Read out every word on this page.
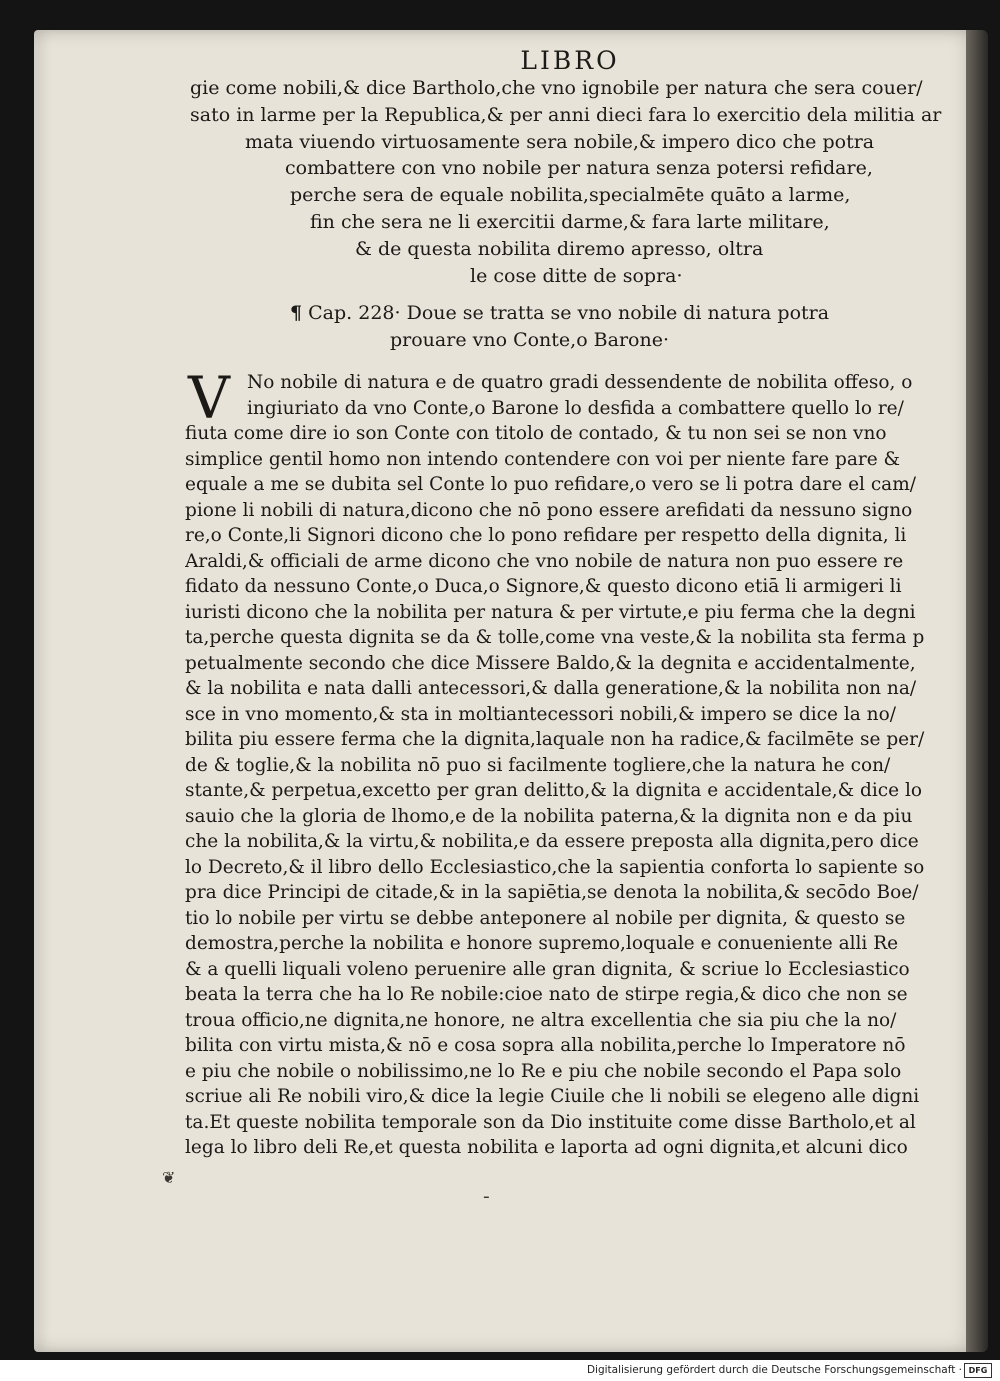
LIBRO
gie come nobili,& dice Bartholo,che vno ignobile per natura che sera couer/
sato in larme per la Republica,& per anni dieci fara lo exercitio dela militia ar
mata viuendo virtuosamente sera nobile,& impero dico che potra
combattere con vno nobile per natura senza potersi refidare,
perche sera de equale nobilita,specialmēte quāto a larme,
fin che sera ne li exercitii darme,& fara larte militare,
& de questa nobilita diremo apresso, oltra
le cose ditte de sopra·
¶ Cap. 228· Doue se tratta se vno nobile di natura potra
prouare vno Conte,o Barone·
V No nobile di natura e de quatro gradi dessendente de nobilita offeso, o
ingiuriato da vno Conte,o Barone lo desfida a combattere quello lo re/
fiuta come dire io son Conte con titolo de contado, & tu non sei se non vno
simplice gentil homo non intendo contendere con voi per niente fare pare &
equale a me se dubita sel Conte lo puo refidare,o vero se li potra dare el cam/
pione li nobili di natura,dicono che nō pono essere arefidati da nessuno signo
re,o Conte,li Signori dicono che lo pono refidare per respetto della dignita, li
Araldi,& officiali de arme dicono che vno nobile de natura non puo essere re
fidato da nessuno Conte,o Duca,o Signore,& questo dicono etiā li armigeri li
iuristi dicono che la nobilita per natura & per virtute,e piu ferma che la degni
ta,perche questa dignita se da & tolle,come vna veste,& la nobilita sta ferma p
petualmente secondo che dice Missere Baldo,& la degnita e accidentalmente,
& la nobilita e nata dalli antecessori,& dalla generatione,& la nobilita non na/
sce in vno momento,& sta in moltiantecessori nobili,& impero se dice la no/
bilita piu essere ferma che la dignita,laquale non ha radice,& facilmēte se per/
de & toglie,& la nobilita nō puo si facilmente togliere,che la natura he con/
stante,& perpetua,excetto per gran delitto,& la dignita e accidentale,& dice lo
sauio che la gloria de lhomo,e de la nobilita paterna,& la dignita non e da piu
che la nobilita,& la virtu,& nobilita,e da essere preposta alla dignita,pero dice
lo Decreto,& il libro dello Ecclesiastico,che la sapientia conforta lo sapiente so
pra dice Principi de citade,& in la sapiētia,se denota la nobilita,& secōdo Boe/
tio lo nobile per virtu se debbe anteponere al nobile per dignita, & questo se
demostra,perche la nobilita e honore supremo,loquale e conueniente alli Re
& a quelli liquali voleno peruenire alle gran dignita, & scriue lo Ecclesiastico
beata la terra che ha lo Re nobile:cioe nato de stirpe regia,& dico che non se
troua officio,ne dignita,ne honore, ne altra excellentia che sia piu che la no/
bilita con virtu mista,& nō e cosa sopra alla nobilita,perche lo Imperatore nō
e piu che nobile o nobilissimo,ne lo Re e piu che nobile secondo el Papa solo
scriue ali Re nobili viro,& dice la legie Ciuile che li nobili se elegeno alle digni
ta.Et queste nobilita temporale son da Dio instituite come disse Bartholo,et al
lega lo libro deli Re,et questa nobilita e laporta ad ogni dignita,et alcuni dico
❦
ـ
Digitalisierung gefördert durch die Deutsche Forschungsgemeinschaft · DFG
